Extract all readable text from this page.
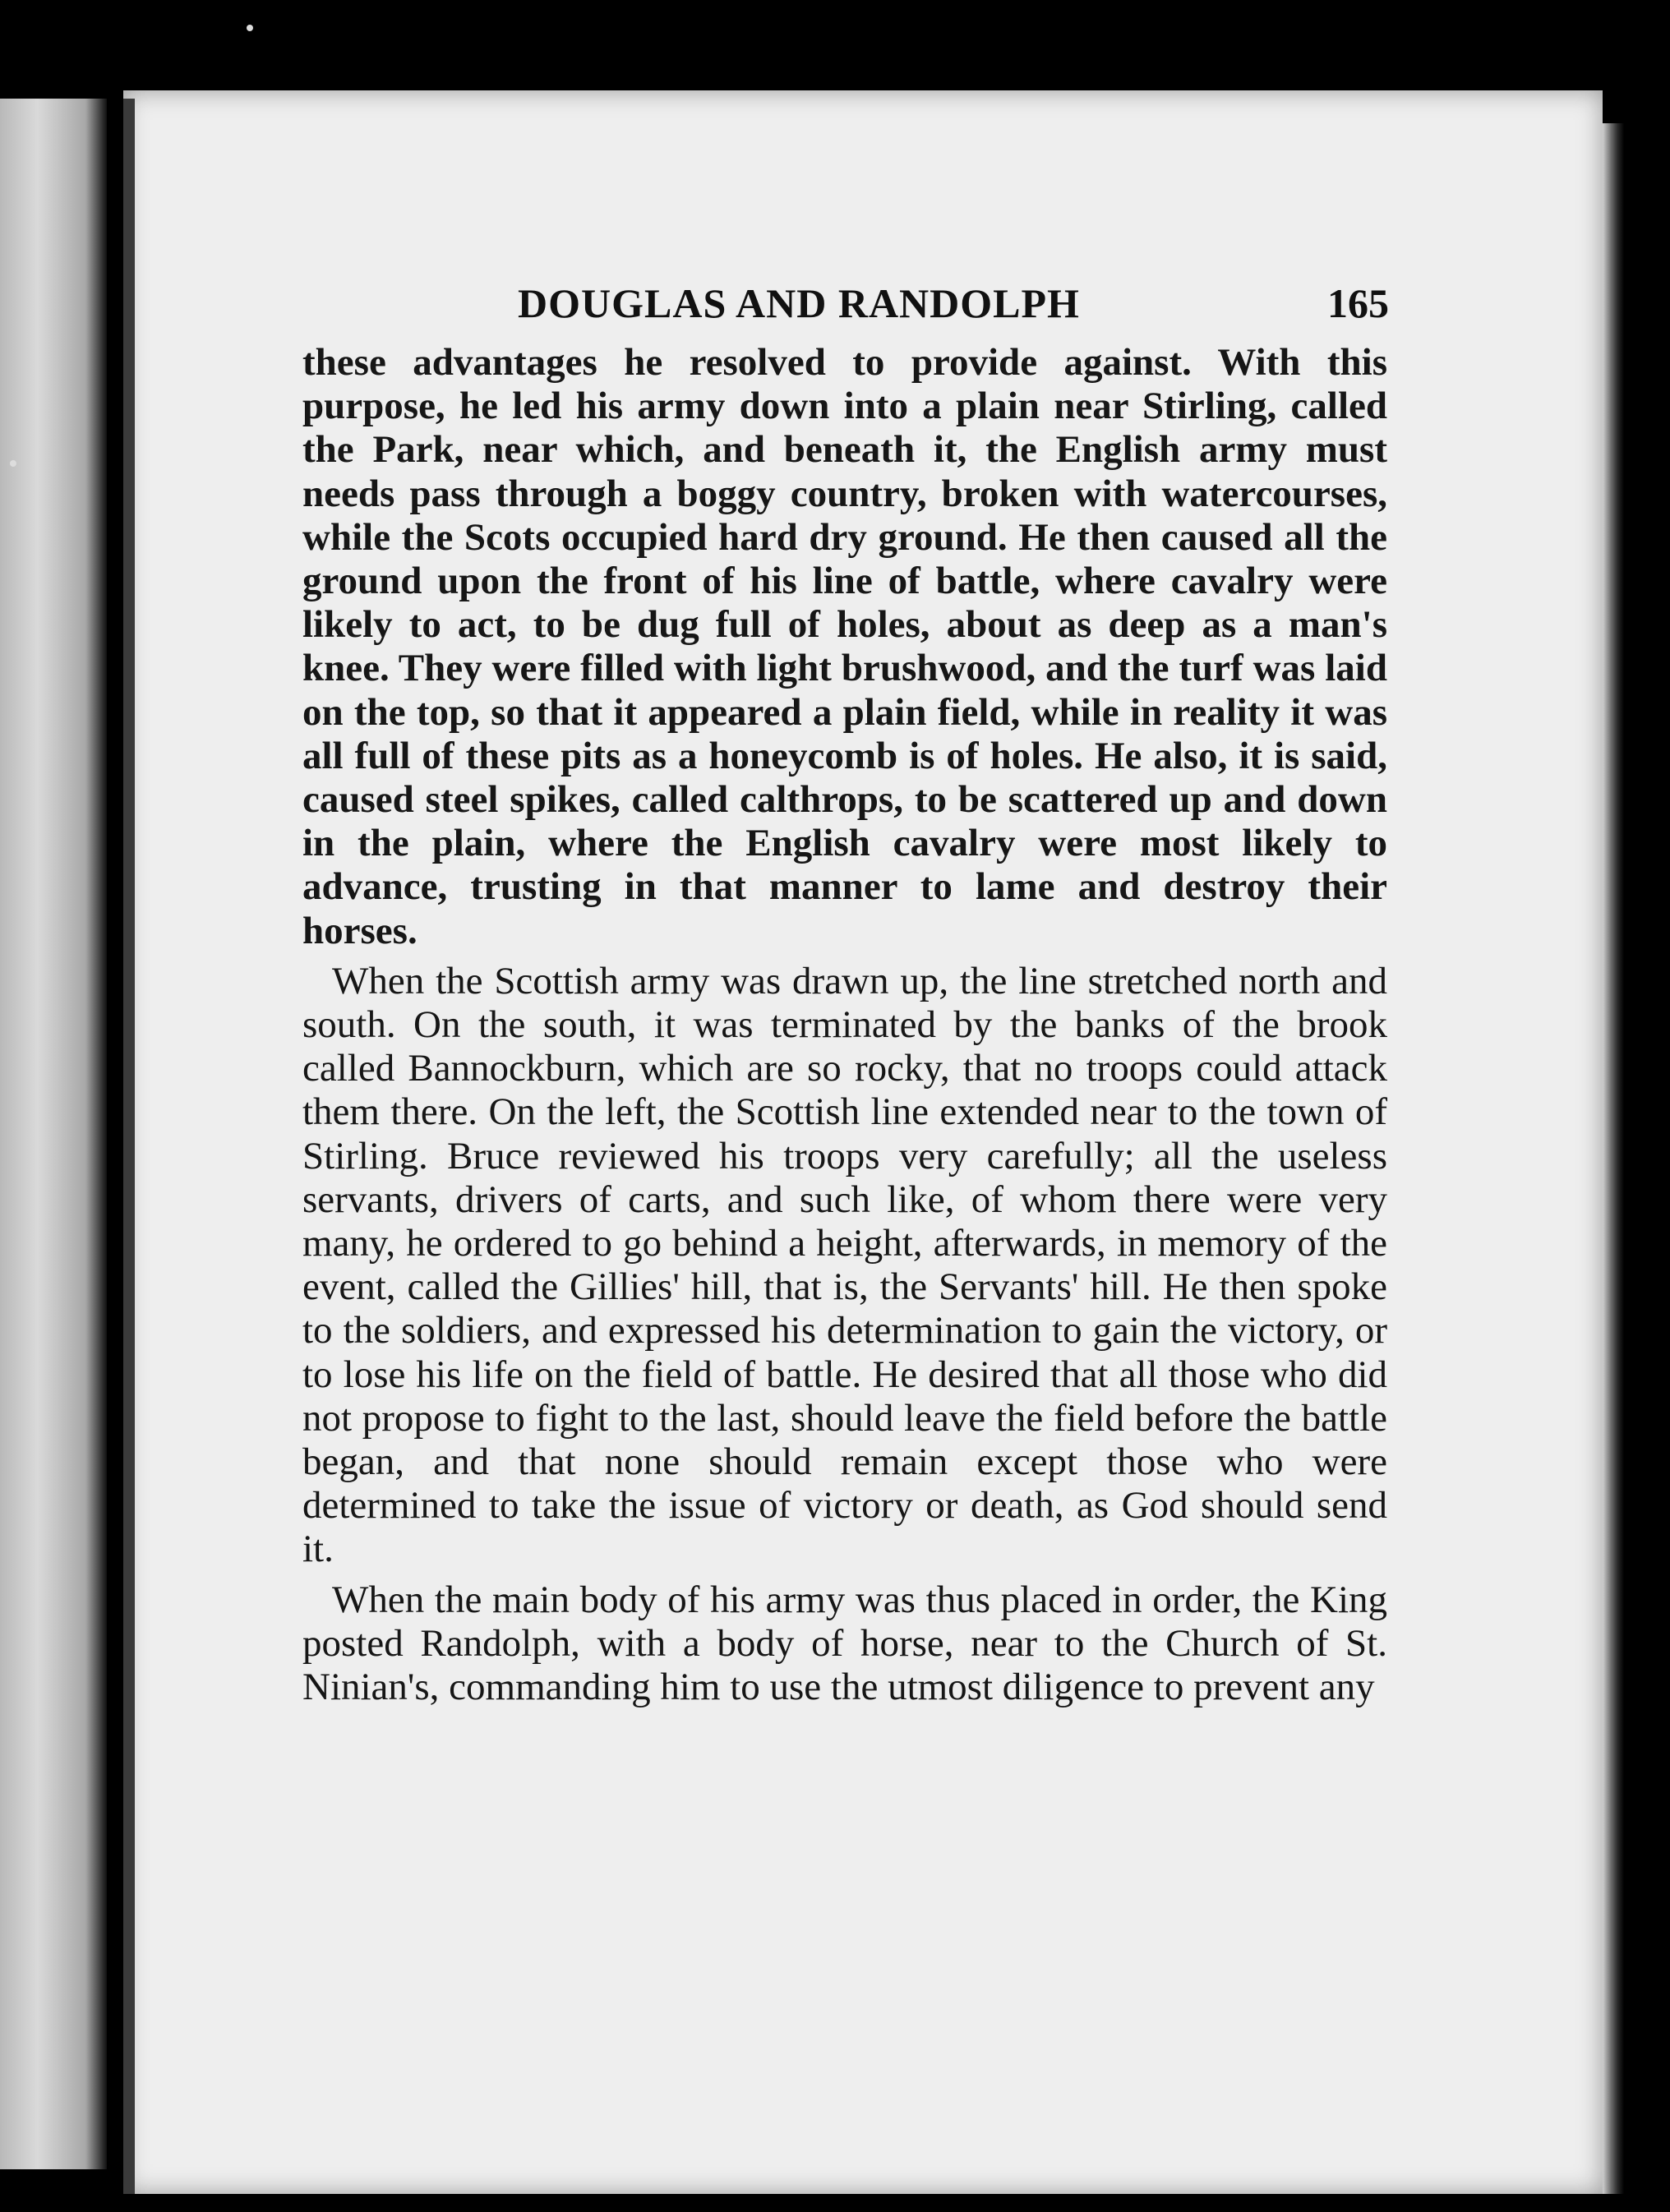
DOUGLAS AND RANDOLPH	165

these advantages he resolved to provide against. With this purpose, he led his army down into a plain near Stirling, called the Park, near which, and beneath it, the English army must needs pass through a boggy country, broken with watercourses, while the Scots occupied hard dry ground. He then caused all the ground upon the front of his line of battle, where cavalry were likely to act, to be dug full of holes, about as deep as a man's knee. They were filled with light brushwood, and the turf was laid on the top, so that it appeared a plain field, while in reality it was all full of these pits as a honeycomb is of holes. He also, it is said, caused steel spikes, called calthrops, to be scattered up and down in the plain, where the English cavalry were most likely to advance, trusting in that manner to lame and destroy their horses.

When the Scottish army was drawn up, the line stretched north and south. On the south, it was terminated by the banks of the brook called Bannockburn, which are so rocky, that no troops could attack them there. On the left, the Scottish line extended near to the town of Stirling. Bruce reviewed his troops very carefully; all the useless servants, drivers of carts, and such like, of whom there were very many, he ordered to go behind a height, afterwards, in memory of the event, called the Gillies' hill, that is, the Servants' hill. He then spoke to the soldiers, and expressed his determination to gain the victory, or to lose his life on the field of battle. He desired that all those who did not propose to fight to the last, should leave the field before the battle began, and that none should remain except those who were determined to take the issue of victory or death, as God should send it.

When the main body of his army was thus placed in order, the King posted Randolph, with a body of horse, near to the Church of St. Ninian's, commanding him to use the utmost diligence to prevent any
